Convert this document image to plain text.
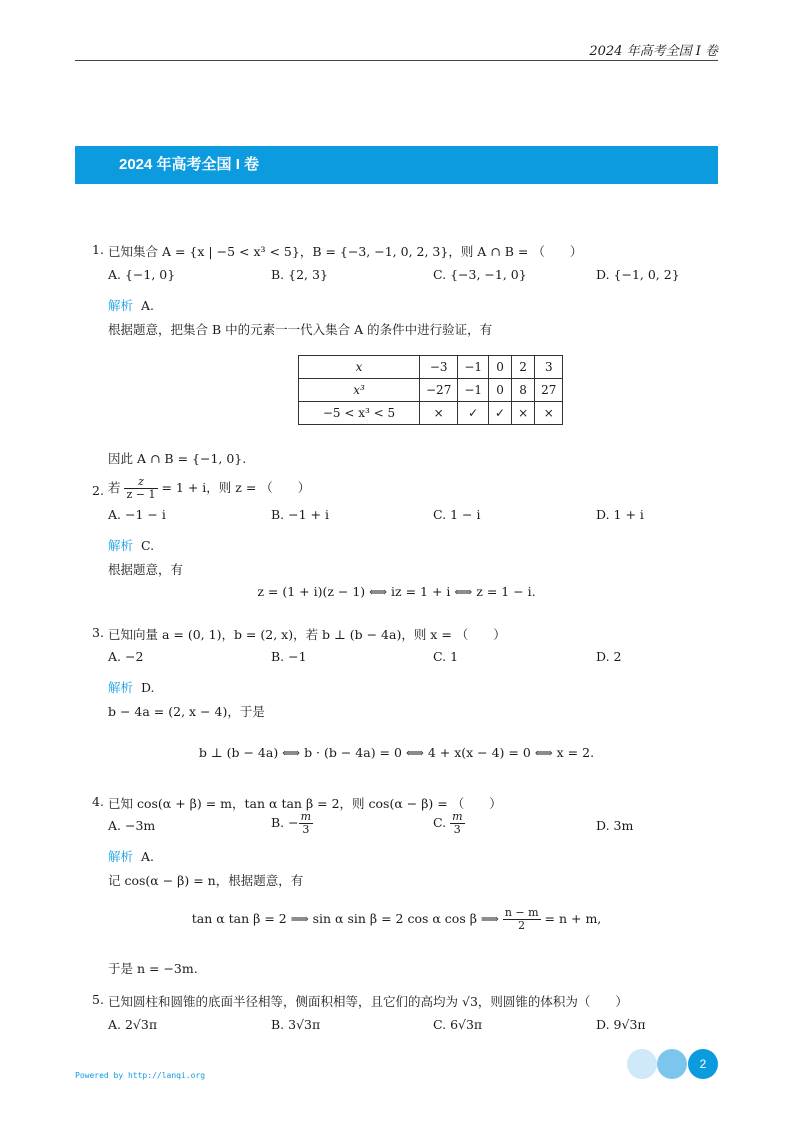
2024 年高考全国 I 卷
2024 年高考全国 I 卷
1. 已知集合 A = {x | −5 < x³ < 5}，B = {−3, −1, 0, 2, 3}，则 A ∩ B = （　　）
A. {−1, 0}	B. {2, 3}	C. {−3, −1, 0}	D. {−1, 0, 2}
解析 A.
根据题意，把集合 B 中的元素一一代入集合 A 的条件中进行验证，有
x	−3	−1	0	2	3
x³	−27	−1	0	8	27
−5 < x³ < 5	×	✓	✓	×	×
因此 A ∩ B = {−1, 0}.
2. 若 $\frac{z}{z - 1} = 1 + i$，则 z = （　　）
A. −1 − i	B. −1 + i	C. 1 − i	D. 1 + i
解析 C.
根据题意，有
z = (1 + i)(z − 1) ⟺ iz = 1 + i ⟺ z = 1 − i.
3. 已知向量 a = (0, 1)，b = (2, x)，若 b ⊥ (b − 4a)，则 x = （　　）
A. −2	B. −1	C. 1	D. 2
解析 D.
b − 4a = (2, x − 4)，于是
b ⊥ (b − 4a) ⟺ b · (b − 4a) = 0 ⟺ 4 + x(x − 4) = 0 ⟺ x = 2.
4. 已知 cos(α + β) = m，tan α tan β = 2，则 cos(α − β) = （　　）
A. −3m	B. − $\frac{m}{3}$	C. $\frac{m}{3}$	D. 3m
解析 A.
记 cos(α − β) = n，根据题意，有
tan α tan β = 2 ⟹ sin α sin β = 2 cos α cos β ⟹ $\frac{n - m}{2} = n + m$,
于是 n = −3m.
5. 已知圆柱和圆锥的底面半径相等，侧面积相等，且它们的高均为 √3，则圆锥的体积为（　　）
A. 2√3π	B. 3√3π	C. 6√3π	D. 9√3π
Powered by http://lanqi.org
2
